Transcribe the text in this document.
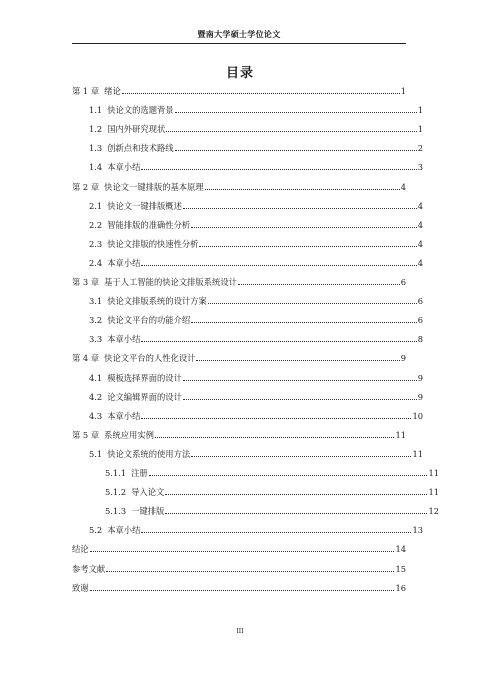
暨南大学硕士学位论文
目录
第 1 章 绪论	1
1.1 快论文的选题背景	1
1.2 国内外研究现状	1
1.3 创新点和技术路线	2
1.4 本章小结	3
第 2 章 快论文一键排版的基本原理	4
2.1 快论文一键排版概述	4
2.2 智能排版的准确性分析	4
2.3 快论文排版的快速性分析	4
2.4 本章小结	4
第 3 章 基于人工智能的快论文排版系统设计	6
3.1 快论文排版系统的设计方案	6
3.2 快论文平台的功能介绍	6
3.3 本章小结	8
第 4 章 快论文平台的人性化设计	9
4.1 模板选择界面的设计	9
4.2 论文编辑界面的设计	9
4.3 本章小结	10
第 5 章 系统应用实例	11
5.1 快论文系统的使用方法	11
5.1.1 注册	11
5.1.2 导入论文	11
5.1.3 一键排版	12
5.2 本章小结	13
结论	14
参考文献	15
致谢	16
III
